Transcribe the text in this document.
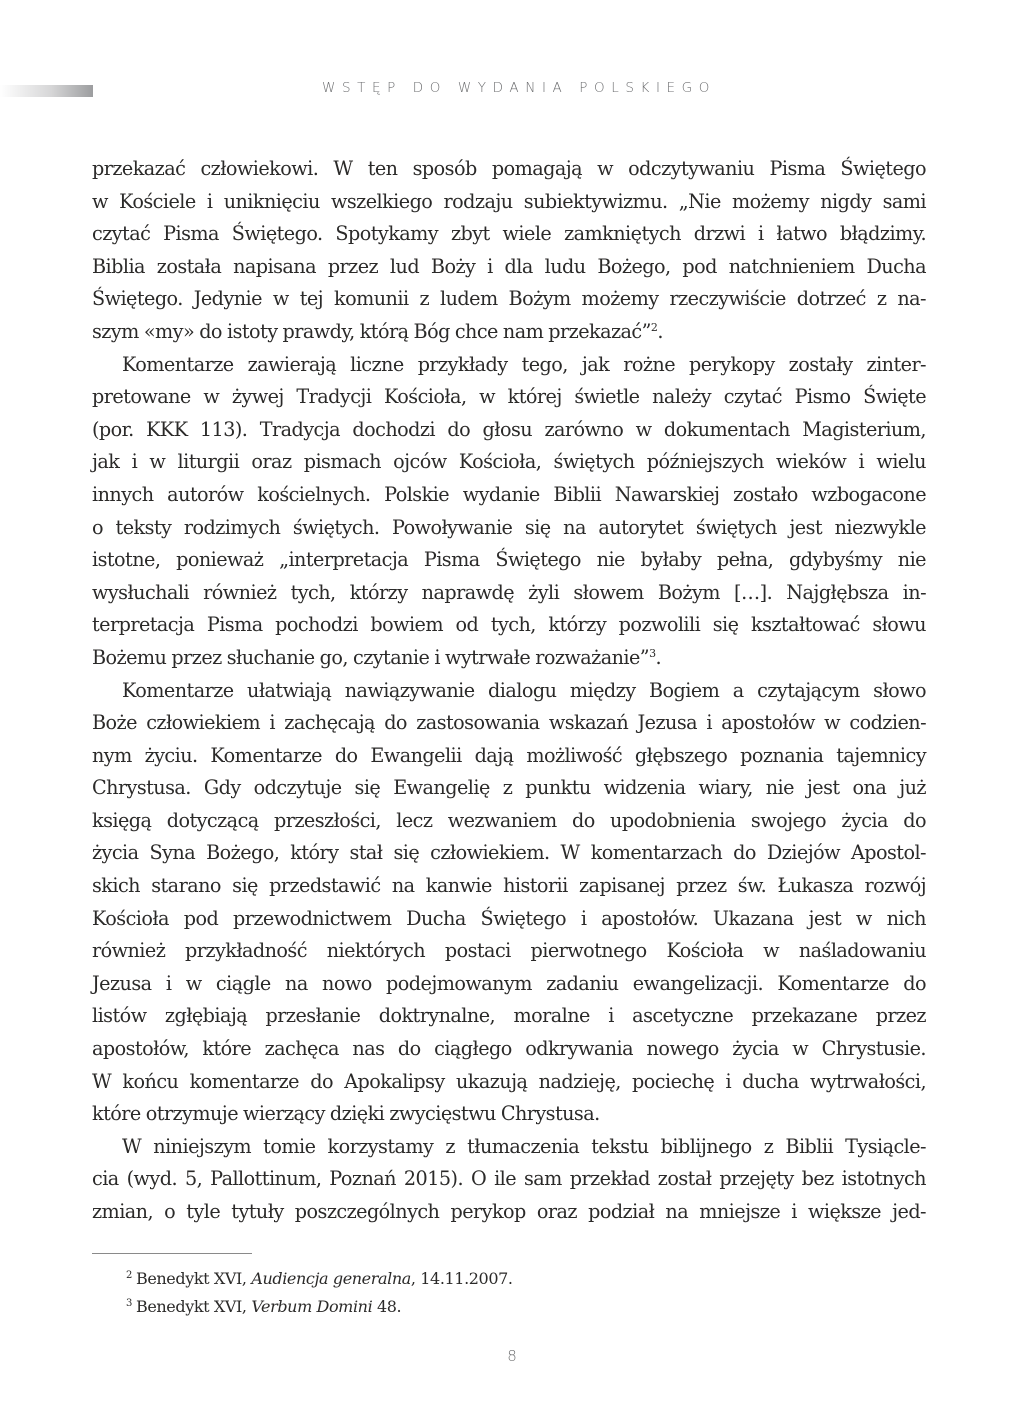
WSTĘP DO WYDANIA POLSKIEGO
przekazać człowiekowi. W ten sposób pomagają w odczytywaniu Pisma Świętego
w Kościele i uniknięciu wszelkiego rodzaju subiektywizmu. „Nie możemy nigdy sami
czytać Pisma Świętego. Spotykamy zbyt wiele zamkniętych drzwi i łatwo błądzimy.
Biblia została napisana przez lud Boży i dla ludu Bożego, pod natchnieniem Ducha
Świętego. Jedynie w tej komunii z ludem Bożym możemy rzeczywiście dotrzeć z na-
szym «my» do istoty prawdy, którą Bóg chce nam przekazać”$^2$.
Komentarze zawierają liczne przykłady tego, jak rożne perykopy zostały zinter-
pretowane w żywej Tradycji Kościoła, w której świetle należy czytać Pismo Święte
(por. KKK 113). Tradycja dochodzi do głosu zarówno w dokumentach Magisterium,
jak i w liturgii oraz pismach ojców Kościoła, świętych późniejszych wieków i wielu
innych autorów kościelnych. Polskie wydanie Biblii Nawarskiej zostało wzbogacone
o teksty rodzimych świętych. Powoływanie się na autorytet świętych jest niezwykle
istotne, ponieważ „interpretacja Pisma Świętego nie byłaby pełna, gdybyśmy nie
wysłuchali również tych, którzy naprawdę żyli słowem Bożym […]. Najgłębsza in-
terpretacja Pisma pochodzi bowiem od tych, którzy pozwolili się kształtować słowu
Bożemu przez słuchanie go, czytanie i wytrwałe rozważanie”$^3$.
Komentarze ułatwiają nawiązywanie dialogu między Bogiem a czytającym słowo
Boże człowiekiem i zachęcają do zastosowania wskazań Jezusa i apostołów w codzien-
nym życiu. Komentarze do Ewangelii dają możliwość głębszego poznania tajemnicy
Chrystusa. Gdy odczytuje się Ewangelię z punktu widzenia wiary, nie jest ona już
księgą dotyczącą przeszłości, lecz wezwaniem do upodobnienia swojego życia do
życia Syna Bożego, który stał się człowiekiem. W komentarzach do Dziejów Apostol-
skich starano się przedstawić na kanwie historii zapisanej przez św. Łukasza rozwój
Kościoła pod przewodnictwem Ducha Świętego i apostołów. Ukazana jest w nich
również przykładność niektórych postaci pierwotnego Kościoła w naśladowaniu
Jezusa i w ciągle na nowo podejmowanym zadaniu ewangelizacji. Komentarze do
listów zgłębiają przesłanie doktrynalne, moralne i ascetyczne przekazane przez
apostołów, które zachęca nas do ciągłego odkrywania nowego życia w Chrystusie.
W końcu komentarze do Apokalipsy ukazują nadzieję, pociechę i ducha wytrwałości,
które otrzymuje wierzący dzięki zwycięstwu Chrystusa.
W niniejszym tomie korzystamy z tłumaczenia tekstu biblijnego z Biblii Tysiącle-
cia (wyd. 5, Pallottinum, Poznań 2015). O ile sam przekład został przejęty bez istotnych
zmian, o tyle tytuły poszczególnych perykop oraz podział na mniejsze i większe jed-
$^2$ Benedykt XVI, Audiencja generalna, 14.11.2007.
$^3$ Benedykt XVI, Verbum Domini 48.
8
